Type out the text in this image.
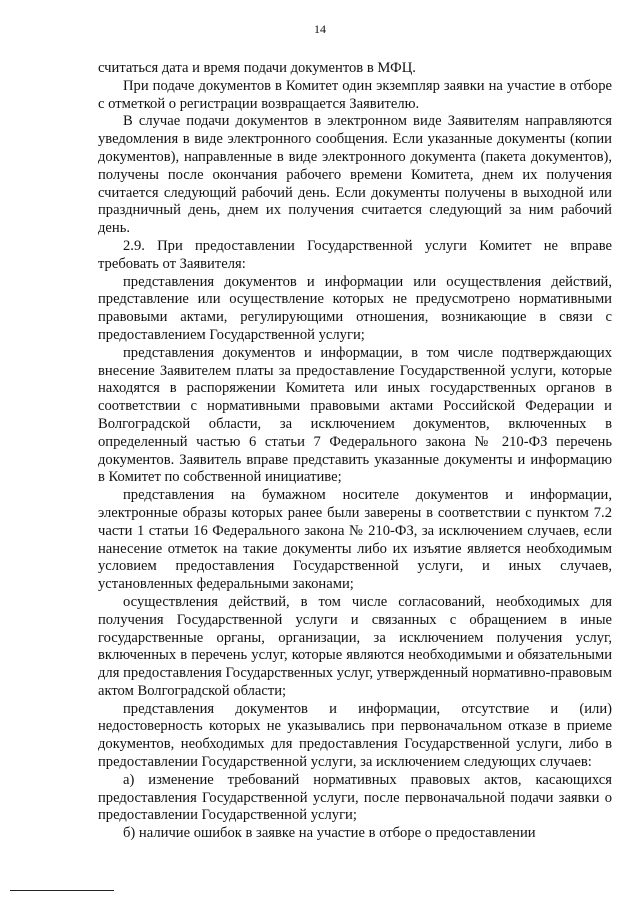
14

считаться дата и время подачи документов в МФЦ.

При подаче документов в Комитет один экземпляр заявки на участие в отборе с отметкой о регистрации возвращается Заявителю.

В случае подачи документов в электронном виде Заявителям направляются уведомления в виде электронного сообщения. Если указанные документы (копии документов), направленные в виде электронного документа (пакета документов), получены после окончания рабочего времени Комитета, днем их получения считается следующий рабочий день. Если документы получены в выходной или праздничный день, днем их получения считается следующий за ним рабочий день.

2.9. При предоставлении Государственной услуги Комитет не вправе требовать от Заявителя:

представления документов и информации или осуществления действий, представление или осуществление которых не предусмотрено нормативными правовыми актами, регулирующими отношения, возникающие в связи с предоставлением Государственной услуги;

представления документов и информации, в том числе подтверждающих внесение Заявителем платы за предоставление Государственной услуги, которые находятся в распоряжении Комитета или иных государственных органов в соответствии с нормативными правовыми актами Российской Федерации и Волгоградской области, за исключением документов, включенных в определенный частью 6 статьи 7 Федерального закона № 210-ФЗ перечень документов. Заявитель вправе представить указанные документы и информацию в Комитет по собственной инициативе;

представления на бумажном носителе документов и информации, электронные образы которых ранее были заверены в соответствии с пунктом 7.2 части 1 статьи 16 Федерального закона № 210-ФЗ, за исключением случаев, если нанесение отметок на такие документы либо их изъятие является необходимым условием предоставления Государственной услуги, и иных случаев, установленных федеральными законами;

осуществления действий, в том числе согласований, необходимых для получения Государственной услуги и связанных с обращением в иные государственные органы, организации, за исключением получения услуг, включенных в перечень услуг, которые являются необходимыми и обязательными для предоставления Государственных услуг, утвержденный нормативно-правовым актом Волгоградской области;

представления документов и информации, отсутствие и (или) недостоверность которых не указывались при первоначальном отказе в приеме документов, необходимых для предоставления Государственной услуги, либо в предоставлении Государственной услуги, за исключением следующих случаев:

а) изменение требований нормативных правовых актов, касающихся предоставления Государственной услуги, после первоначальной подачи заявки о предоставлении Государственной услуги;

б) наличие ошибок в заявке на участие в отборе о предоставлении
